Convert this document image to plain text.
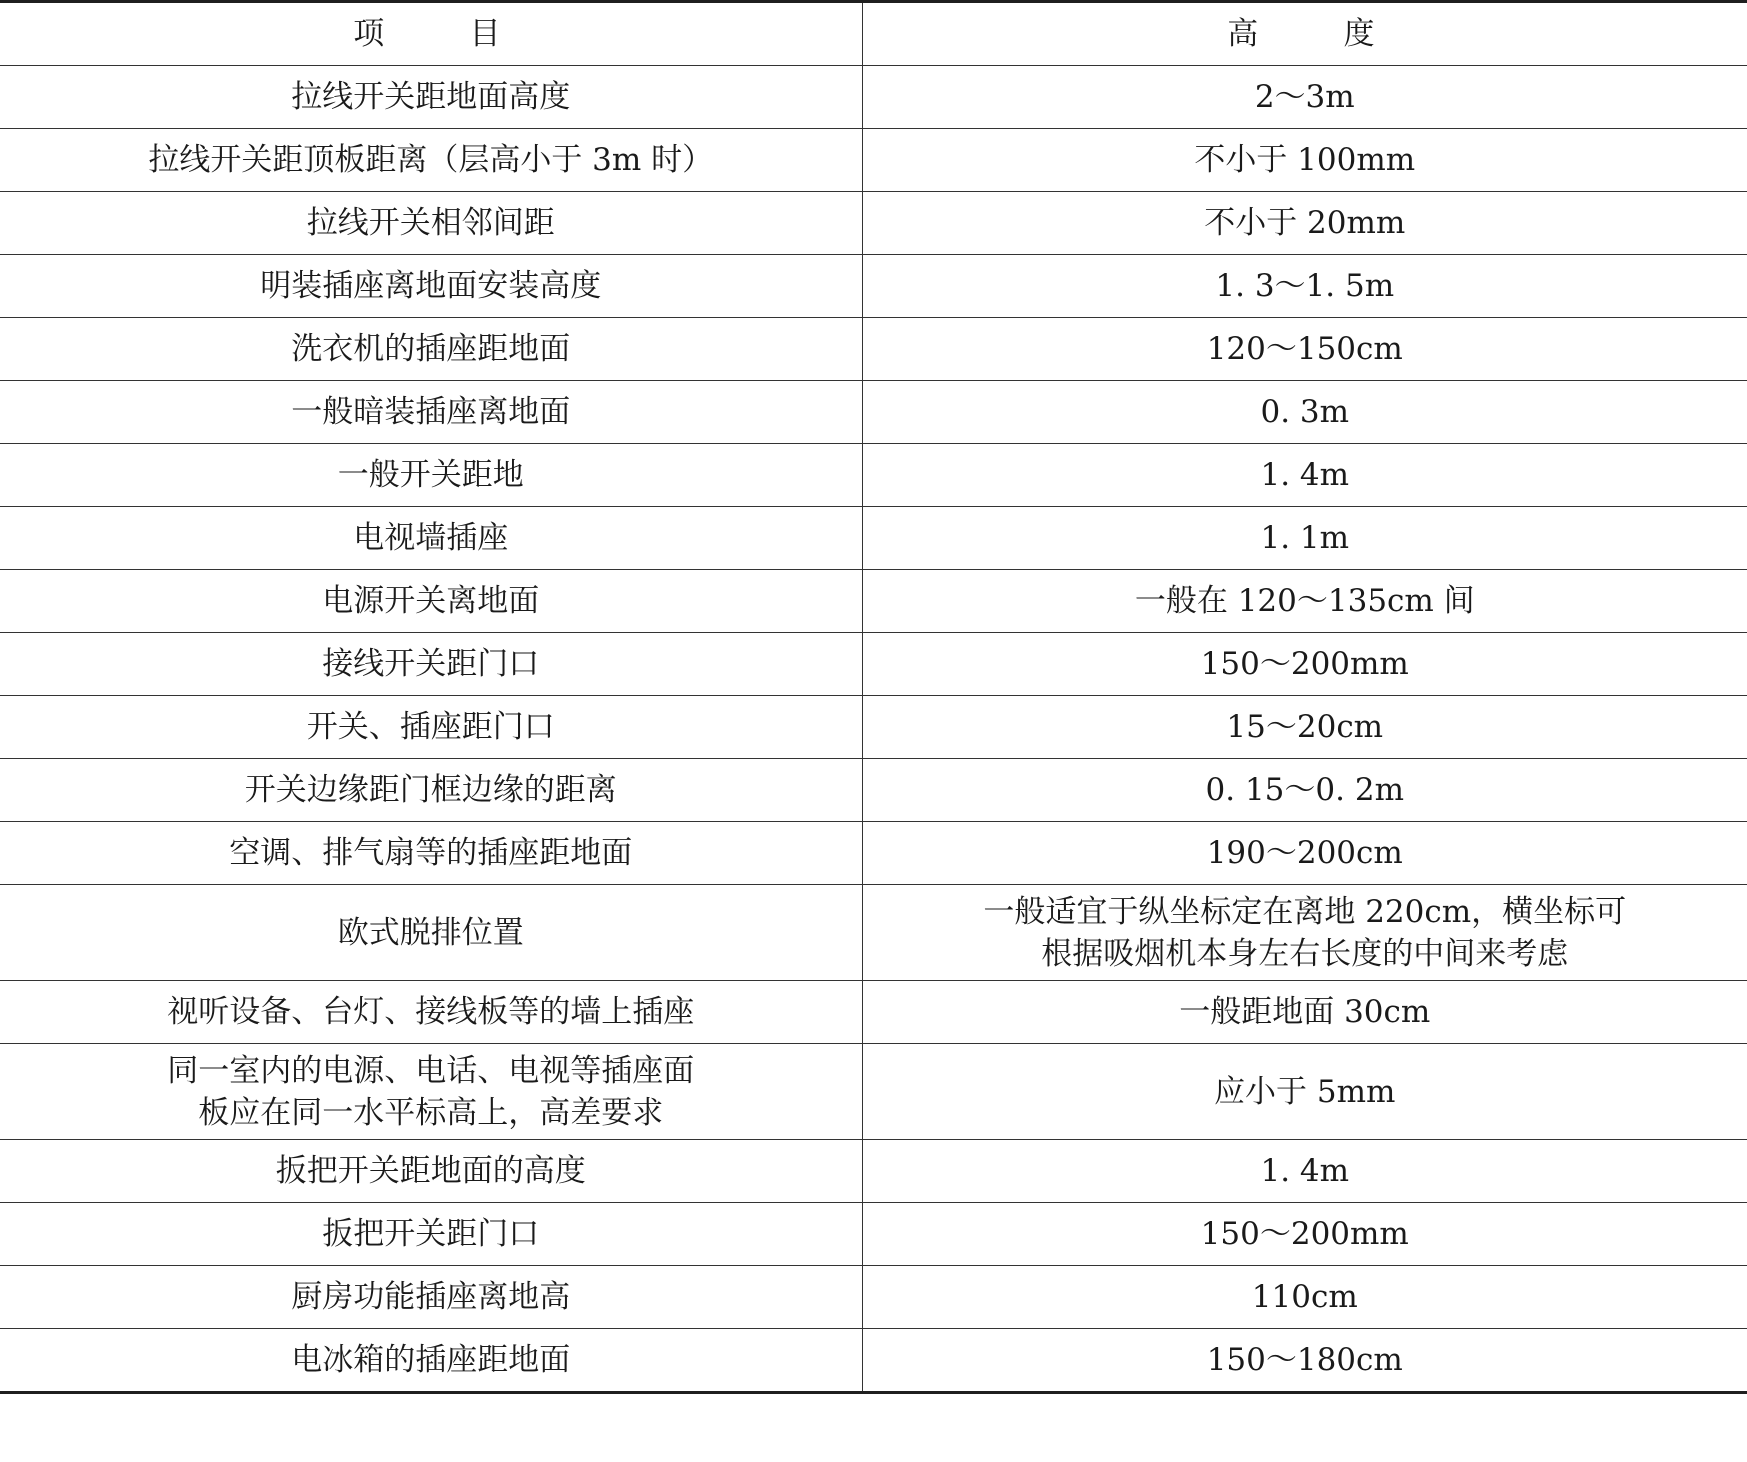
项　　目	高　　度

拉线开关距地面高度	2～3m

拉线开关距顶板距离（层高小于 3m 时）	不小于 100mm

拉线开关相邻间距	不小于 20mm

明装插座离地面安装高度	1. 3～1. 5m

洗衣机的插座距地面	120～150cm

一般暗装插座离地面	0. 3m

一般开关距地	1. 4m

电视墙插座	1. 1m

电源开关离地面	一般在 120～135cm 间

接线开关距门口	150～200mm

开关、插座距门口	15～20cm

开关边缘距门框边缘的距离	0. 15～0. 2m

空调、排气扇等的插座距地面	190～200cm

欧式脱排位置	一般适宜于纵坐标定在离地 220cm，横坐标可
根据吸烟机本身左右长度的中间来考虑

视听设备、台灯、接线板等的墙上插座	一般距地面 30cm

同一室内的电源、电话、电视等插座面
板应在同一水平标高上，高差要求	应小于 5mm

扳把开关距地面的高度	1. 4m

扳把开关距门口	150～200mm

厨房功能插座离地高	110cm

电冰箱的插座距地面	150～180cm
